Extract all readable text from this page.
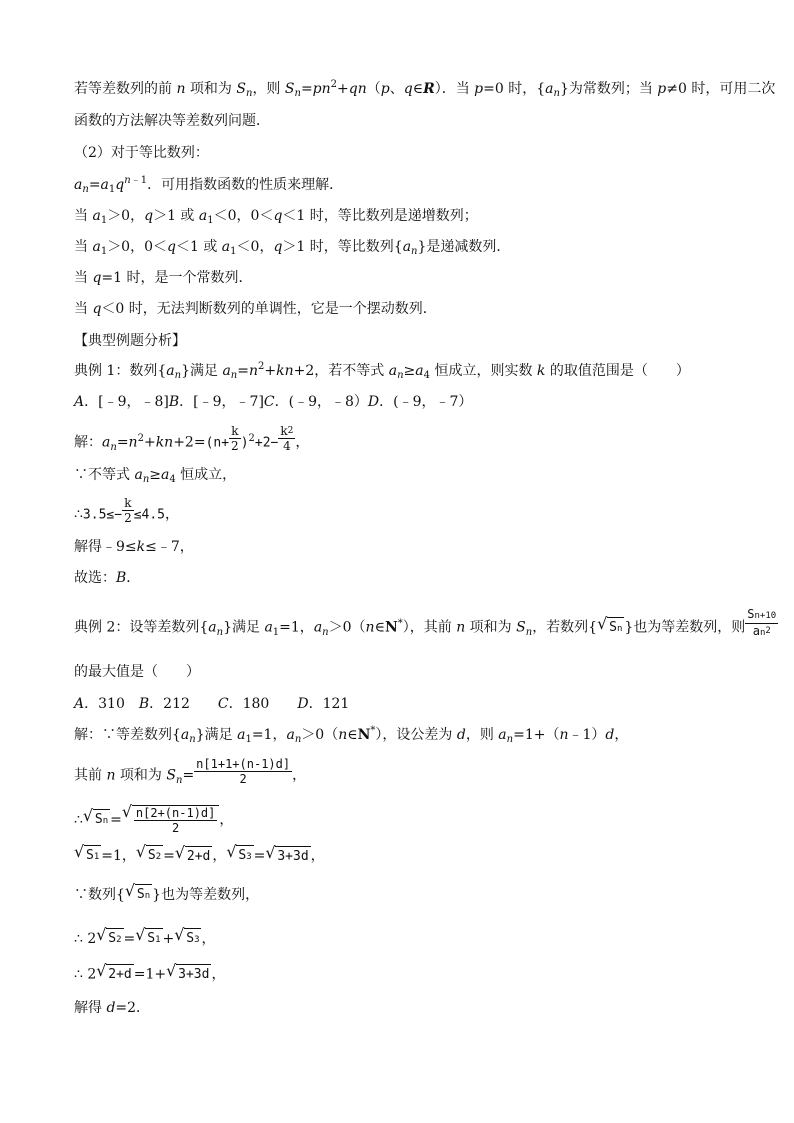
若等差数列的前 n 项和为 $S_n$，则 $S_n=pn^2+qn(p$、q∈R）．当 p=0 时，$\{a_n\}$为常数列；当 p≠0 时，可用二次
函数的方法解决等差数列问题．
（2）对于等比数列：
$a_n=a_1q^{n﹣1}$．可用指数函数的性质来理解．
当 $a_1>0$，q＞1 或 $a_1<0$，0＜q＜1 时，等比数列是递增数列；
当 $a_1>0$，0＜q＜1 或 $a_1<0$，q＞1 时，等比数列$\{a_n\}$是递减数列．
当 q=1 时，是一个常数列．
当 q＜0 时，无法判断数列的单调性，它是一个摆动数列．
【典型例题分析】
典例 1：数列$\{a_n\}$满足 $a_n=n^2+kn+2$，若不等式 $a_n\ge a_4$ 恒成立，则实数 k 的取值范围是（　　）
A．[﹣9，﹣8]B．[﹣9，﹣7]C．(﹣9，﹣8）D．(﹣9，﹣7）
解：$a_n=n^2+kn+2=(n+ \frac{k}{2} )^2+2- \frac{k^2}{4}$ ，
∵不等式 $a_n\ge a_4$ 恒成立，
∴3.5≤− $\frac{k}{2} \le 4.5$，
解得﹣9≤k≤﹣7，
故选：B．
典例 2：设等差数列$\{a_n\}$满足 $a_1=1$，$a_n>0(n\in N^*)$，其前 n 项和为 $S_n$，若数列{ √ Sn }也为等差数列，则 $\frac{Sn+10}{an^2}$
的最大值是（　　）
A．310　B．212　　C．180　　D．121
解：∵等差数列$\{a_n\}$满足 $a_1=1$，$a_n>0(n\in N^*)$，设公差为 d，则 $a_n=1+(n﹣1)d$，
其前 n 项和为 $S_n= \frac{n[1+1+(n-1)d]}{2}$ ，
∴ √ Sn = √ $\frac{n[2+(n-1)d]}{2}$ ，
√ S1 =1， √ S2 = √ 2+d ， √ S3 = √ 3+3d ，
∵数列{ √ Sn }也为等差数列，
∴ 2 √ S2 = √ S1 + √ S3 ，
∴ 2 √ 2+d =1+ √ 3+3d ，
解得 d=2．
